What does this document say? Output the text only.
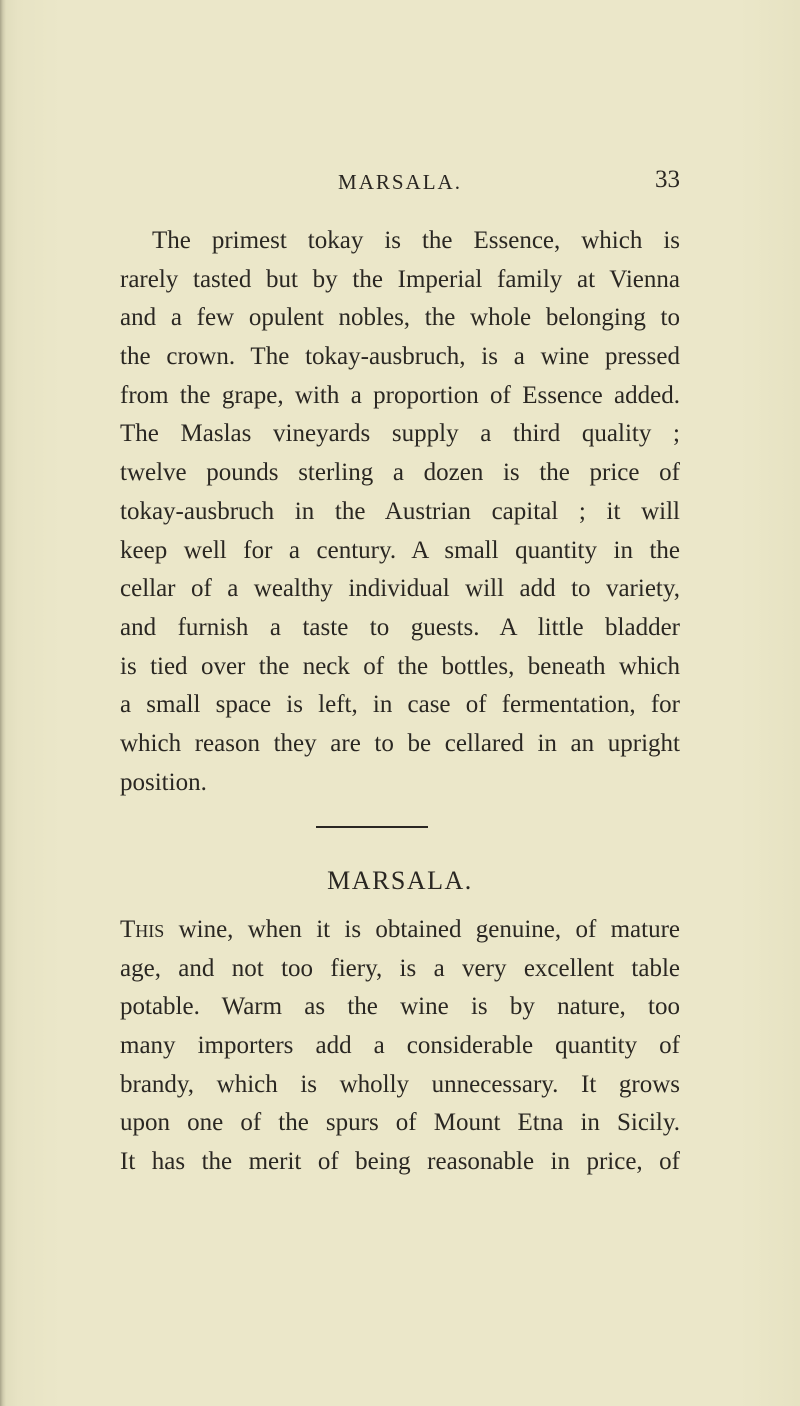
MARSALA.	33
The primest tokay is the Essence, which is
rarely tasted but by the Imperial family at Vienna
and a few opulent nobles, the whole belonging to
the crown. The tokay-ausbruch, is a wine pressed
from the grape, with a proportion of Essence added.
The Maslas vineyards supply a third quality ;
twelve pounds sterling a dozen is the price of
tokay-ausbruch in the Austrian capital ; it will
keep well for a century. A small quantity in the
cellar of a wealthy individual will add to variety,
and furnish a taste to guests. A little bladder
is tied over the neck of the bottles, beneath which
a small space is left, in case of fermentation, for
which reason they are to be cellared in an upright
position.
MARSALA.
This wine, when it is obtained genuine, of mature
age, and not too fiery, is a very excellent table
potable. Warm as the wine is by nature, too
many importers add a considerable quantity of
brandy, which is wholly unnecessary. It grows
upon one of the spurs of Mount Etna in Sicily.
It has the merit of being reasonable in price, of
